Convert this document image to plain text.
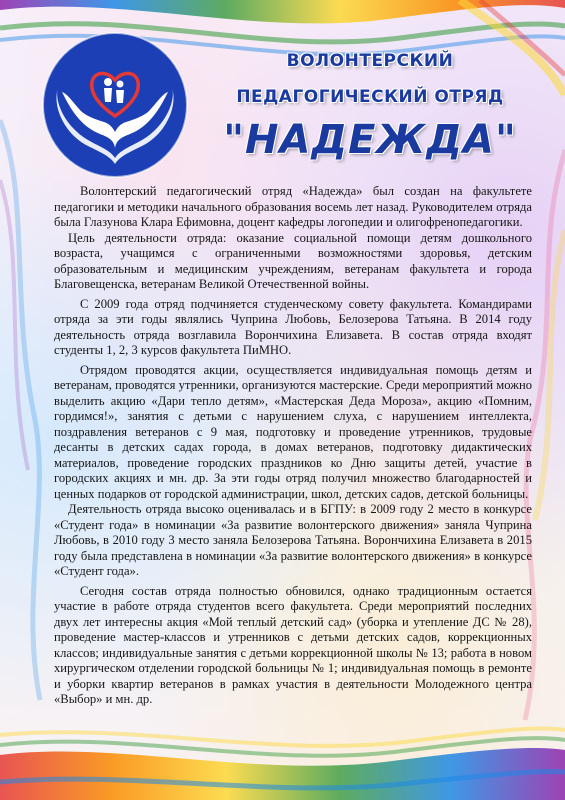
ВОЛОНТЕРСКИЙ
ПЕДАГОГИЧЕСКИЙ ОТРЯД
"НАДЕЖДА"

Волонтерский педагогический отряд «Надежда» был создан на факультете педагогики и методики начального образования восемь лет назад. Руководителем отряда была Глазунова Клара Ефимовна, доцент кафедры логопедии и олигофренопедагогики.

Цель деятельности отряда: оказание социальной помощи детям дошкольного возраста, учащимся с ограниченными возможностями здоровья, детским образовательным и медицинским учреждениям, ветеранам факультета и города Благовещенска, ветеранам Великой Отечественной войны.

С 2009 года отряд подчиняется студенческому совету факультета. Командирами отряда за эти годы являлись Чуприна Любовь, Белозерова Татьяна. В 2014 году деятельность отряда возглавила Ворончихина Елизавета. В состав отряда входят студенты 1, 2, 3 курсов факультета ПиМНО.

Отрядом проводятся акции, осуществляется индивидуальная помощь детям и ветеранам, проводятся утренники, организуются мастерские. Среди мероприятий можно выделить акцию «Дари тепло детям», «Мастерская Деда Мороза», акцию «Помним, гордимся!», занятия с детьми с нарушением слуха, с нарушением интеллекта, поздравления ветеранов с 9 мая, подготовку и проведение утренников, трудовые десанты в детских садах города, в домах ветеранов, подготовку дидактических материалов, проведение городских праздников ко Дню защиты детей, участие в городских акциях и мн. др. За эти годы отряд получил множество благодарностей и ценных подарков от городской администрации, школ, детских садов, детской больницы.

Деятельность отряда высоко оценивалась и в БГПУ: в 2009 году 2 место в конкурсе «Студент года» в номинации «За развитие волонтерского движения» заняла Чуприна Любовь, в 2010 году 3 место заняла Белозерова Татьяна. Ворончихина Елизавета в 2015 году была представлена в номинации «За развитие волонтерского движения» в конкурсе «Студент года».

Сегодня состав отряда полностью обновился, однако традиционным остается участие в работе отряда студентов всего факультета. Среди мероприятий последних двух лет интересны акция «Мой теплый детский сад» (уборка и утепление ДС № 28), проведение мастер-классов и утренников с детьми детских садов, коррекционных классов; индивидуальные занятия с детьми коррекционной школы № 13; работа в новом хирургическом отделении городской больницы № 1; индивидуальная помощь в ремонте и уборки квартир ветеранов в рамках участия в деятельности Молодежного центра «Выбор» и мн. др.
